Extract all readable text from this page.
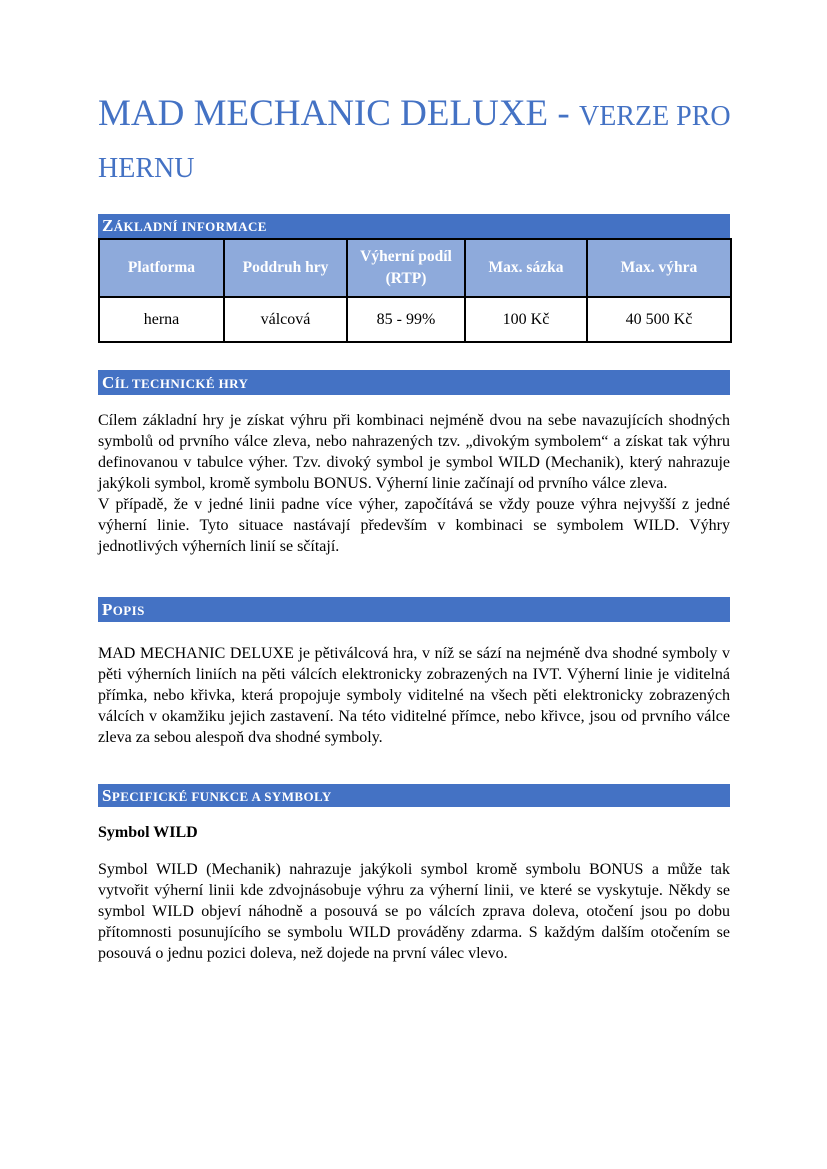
MAD MECHANIC DELUXE - VERZE PRO
HERNU
ZÁKLADNÍ INFORMACE
Platforma	Poddruh hry	Výherní podíl (RTP)	Max. sázka	Max. výhra
herna	válcová	85 - 99%	100 Kč	40 500 Kč
CÍL TECHNICKÉ HRY

Cílem základní hry je získat výhru při kombinaci nejméně dvou na sebe navazujících shodných symbolů od prvního válce zleva, nebo nahrazených tzv. „divokým symbolem“ a získat tak výhru definovanou v tabulce výher. Tzv. divoký symbol je symbol WILD (Mechanik), který nahrazuje jakýkoli symbol, kromě symbolu BONUS. Výherní linie začínají od prvního válce zleva.

V případě, že v jedné linii padne více výher, započítává se vždy pouze výhra nejvyšší z jedné výherní linie. Tyto situace nastávají především v kombinaci se symbolem WILD. Výhry jednotlivých výherních linií se sčítají.

POPIS

MAD MECHANIC DELUXE je pětiválcová hra, v níž se sází na nejméně dva shodné symboly v pěti výherních liniích na pěti válcích elektronicky zobrazených na IVT. Výherní linie je viditelná přímka, nebo křivka, která propojuje symboly viditelné na všech pěti elektronicky zobrazených válcích v okamžiku jejich zastavení. Na této viditelné přímce, nebo křivce, jsou od prvního válce zleva za sebou alespoň dva shodné symboly.

SPECIFICKÉ FUNKCE A SYMBOLY
Symbol WILD

Symbol WILD (Mechanik) nahrazuje jakýkoli symbol kromě symbolu BONUS a může tak vytvořit výherní linii kde zdvojnásobuje výhru za výherní linii, ve které se vyskytuje. Někdy se symbol WILD objeví náhodně a posouvá se po válcích zprava doleva, otočení jsou po dobu přítomnosti posunujícího se symbolu WILD prováděny zdarma. S každým dalším otočením se posouvá o jednu pozici doleva, než dojede na první válec vlevo.
